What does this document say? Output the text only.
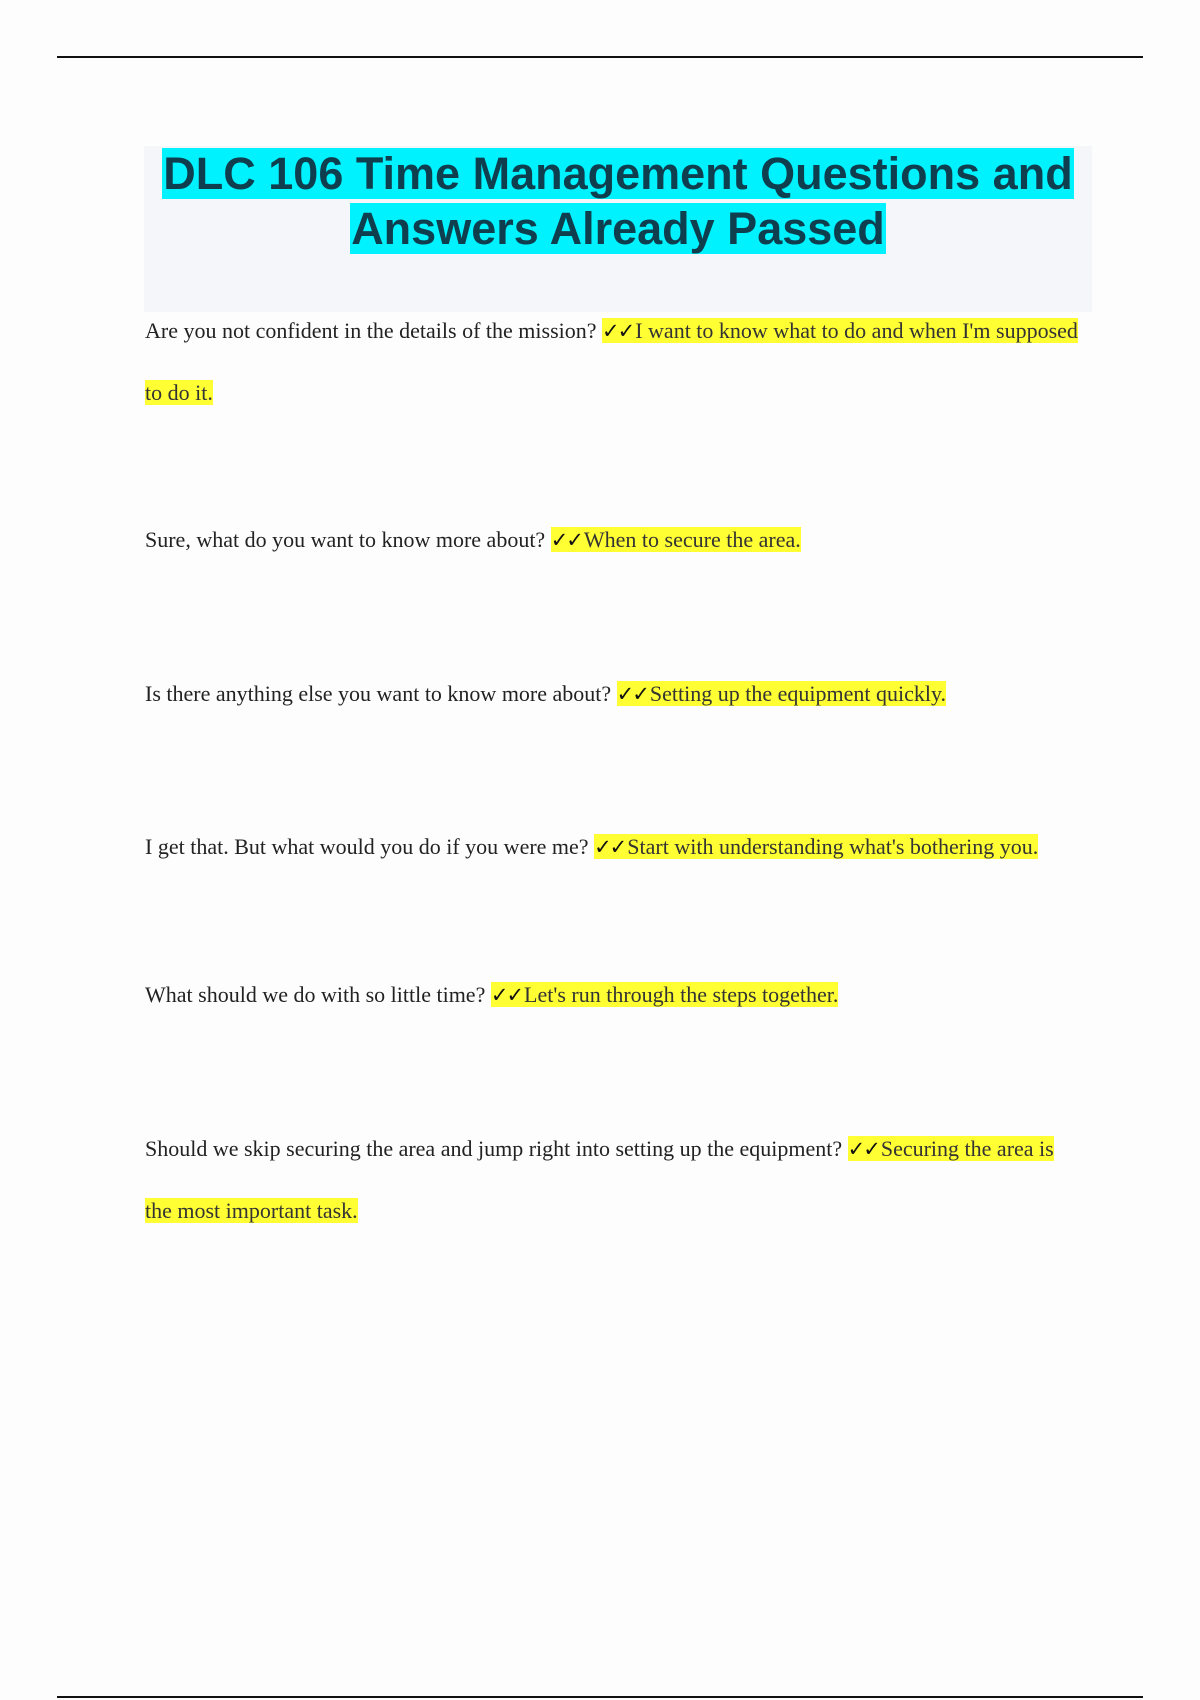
DLC 106 Time Management Questions and Answers Already Passed

Are you not confident in the details of the mission? ✓✓I want to know what to do and when I'm supposed to do it.

Sure, what do you want to know more about? ✓✓When to secure the area.

Is there anything else you want to know more about? ✓✓Setting up the equipment quickly.

I get that. But what would you do if you were me? ✓✓Start with understanding what's bothering you.

What should we do with so little time? ✓✓Let's run through the steps together.

Should we skip securing the area and jump right into setting up the equipment? ✓✓Securing the area is the most important task.
